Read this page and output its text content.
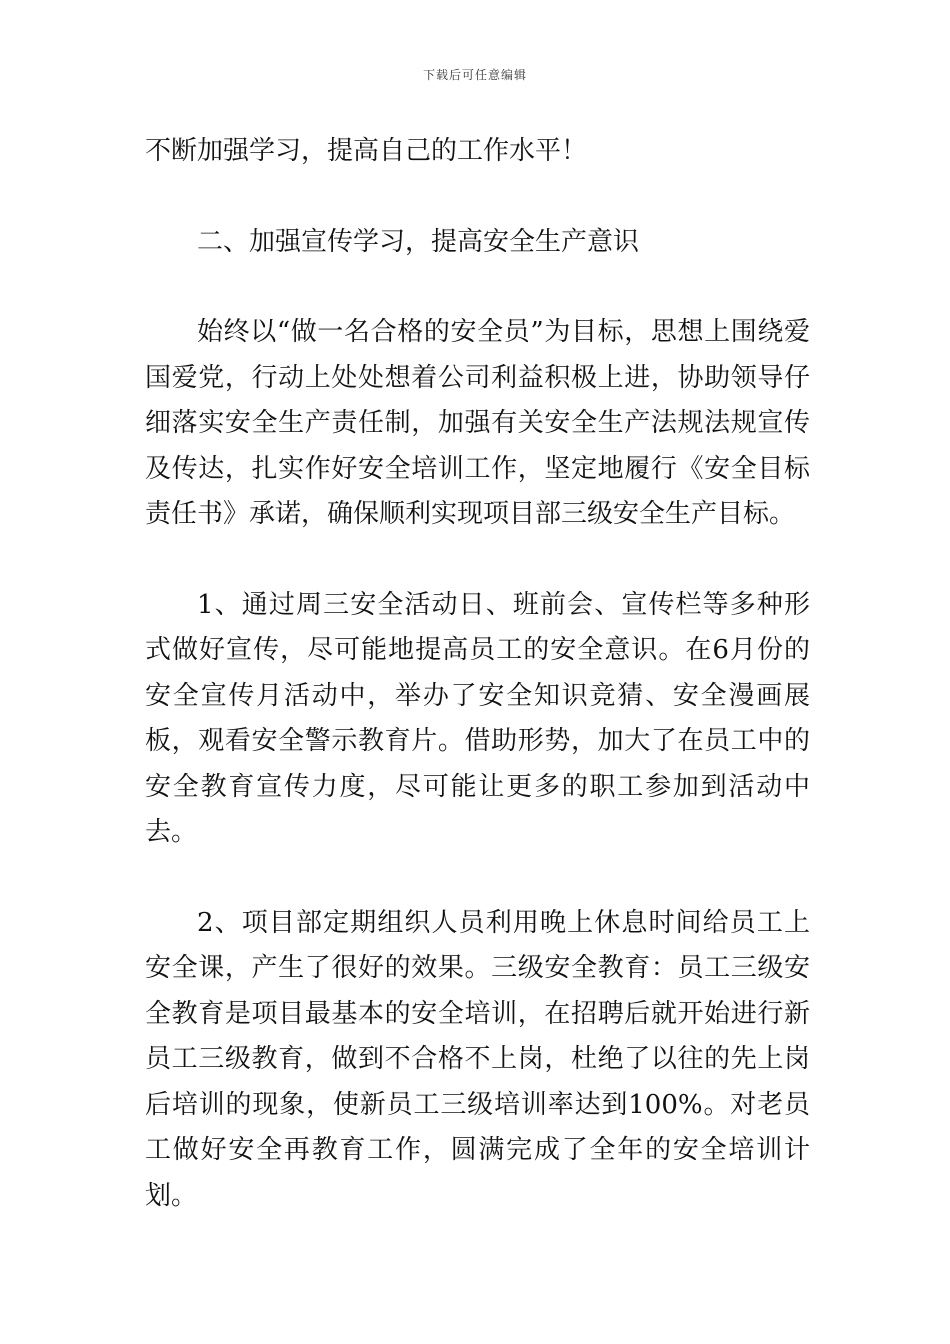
下载后可任意编辑

不断加强学习，提高自己的工作水平！

二、加强宣传学习，提高安全生产意识

始终以“做一名合格的安全员”为目标，思想上围绕爱国爱党，行动上处处想着公司利益积极上进，协助领导仔细落实安全生产责任制，加强有关安全生产法规法规宣传及传达，扎实作好安全培训工作，坚定地履行《安全目标责任书》承诺，确保顺利实现项目部三级安全生产目标。

1、通过周三安全活动日、班前会、宣传栏等多种形式做好宣传，尽可能地提高员工的安全意识。在6月份的安全宣传月活动中，举办了安全知识竞猜、安全漫画展板，观看安全警示教育片。借助形势，加大了在员工中的安全教育宣传力度，尽可能让更多的职工参加到活动中去。

2、项目部定期组织人员利用晚上休息时间给员工上安全课，产生了很好的效果。三级安全教育：员工三级安全教育是项目最基本的安全培训，在招聘后就开始进行新员工三级教育，做到不合格不上岗，杜绝了以往的先上岗后培训的现象，使新员工三级培训率达到100%。对老员工做好安全再教育工作，圆满完成了全年的安全培训计划。
